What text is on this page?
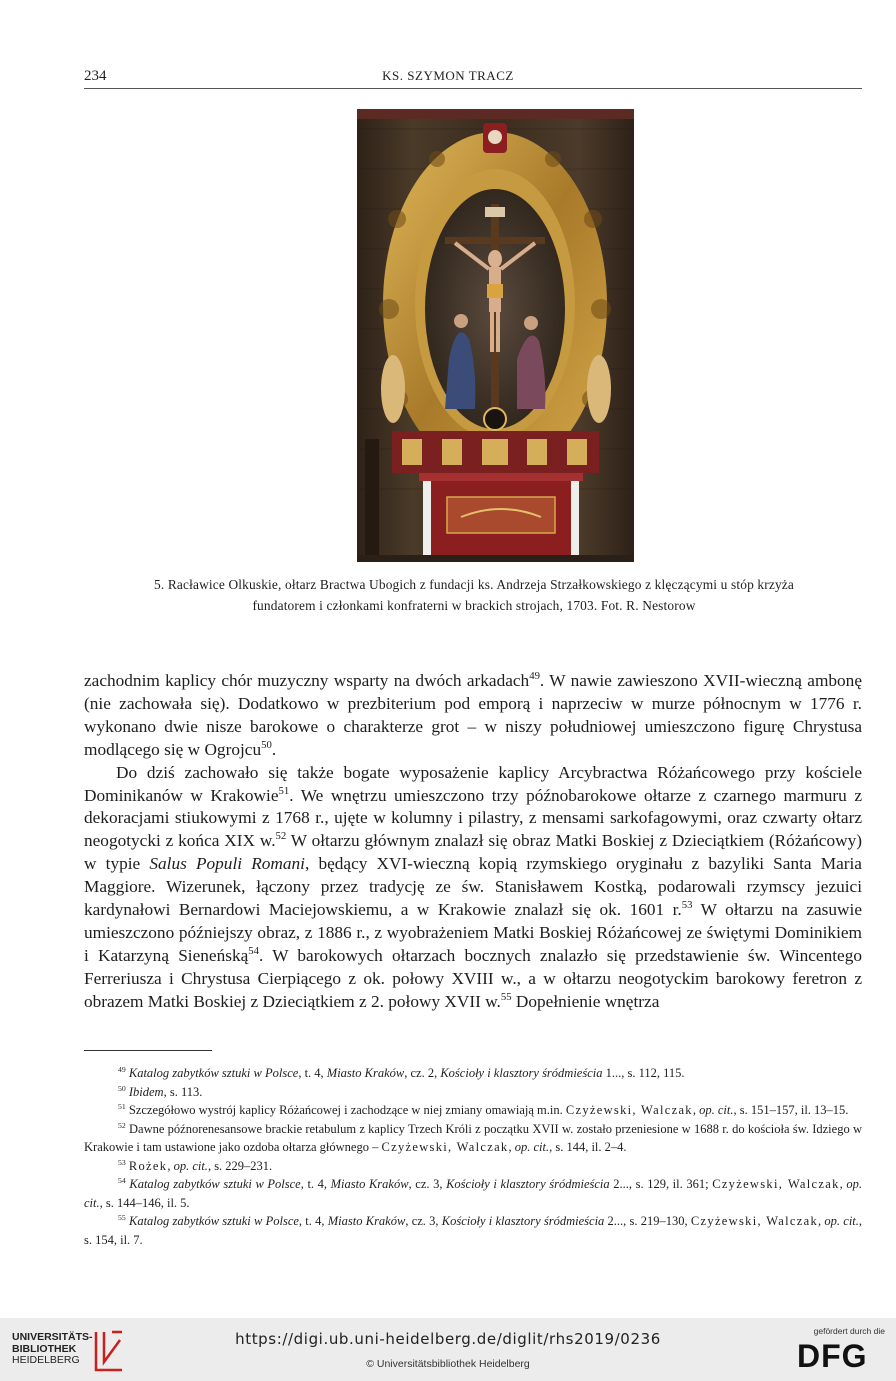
234	KS. SZYMON TRACZ
5. Racławice Olkuskie, ołtarz Bractwa Ubogich z fundacji ks. Andrzeja Strzałkowskiego z klęczącymi u stóp krzyża
fundatorem i członkami konfraterni w brackich strojach, 1703. Fot. R. Nestorow

zachodnim kaplicy chór muzyczny wsparty na dwóch arkadach$^{49}$. W nawie zawieszono XVII-wieczną ambonę (nie zachowała się). Dodatkowo w prezbiterium pod emporą i naprzeciw w murze północnym w 1776 r. wykonano dwie nisze barokowe o charakterze grot – w niszy południowej umieszczono figurę Chrystusa modlącego się w Ogrojcu$^{50}$.

Do dziś zachowało się także bogate wyposażenie kaplicy Arcybractwa Różańcowego przy kościele Dominikanów w Krakowie$^{51}$. We wnętrzu umieszczono trzy późnobarokowe ołtarze z czarnego marmuru z dekoracjami stiukowymi z 1768 r., ujęte w kolumny i pilastry, z mensami sarkofagowymi, oraz czwarty ołtarz neogotycki z końca XIX w.$^{52}$ W ołtarzu głównym znalazł się obraz Matki Boskiej z Dzieciątkiem (Różańcowy) w typie Salus Populi Romani, będący XVI-wieczną kopią rzymskiego oryginału z bazyliki Santa Maria Maggiore. Wizerunek, łączony przez tradycję ze św. Stanisławem Kostką, podarowali rzymscy jezuici kardynałowi Bernardowi Maciejowskiemu, a w Krakowie znalazł się ok. 1601 r.$^{53}$ W ołtarzu na zasuwie umieszczono późniejszy obraz, z 1886 r., z wyobrażeniem Matki Boskiej Różańcowej ze świętymi Dominikiem i Katarzyną Sieneńską$^{54}$. W barokowych ołtarzach bocznych znalazło się przedstawienie św. Wincentego Ferreriusza i Chrystusa Cierpiącego z ok. połowy XVIII w., a w ołtarzu neogotyckim barokowy feretron z obrazem Matki Boskiej z Dzieciątkiem z 2. połowy XVII w.$^{55}$ Dopełnienie wnętrza

$^{49}$ Katalog zabytków sztuki w Polsce, t. 4, Miasto Kraków, cz. 2, Kościoły i klasztory śródmieścia 1..., s. 112, 115.

$^{50}$ Ibidem, s. 113.

$^{51}$ Szczegółowo wystrój kaplicy Różańcowej i zachodzące w niej zmiany omawiają m.in. Czyżewski, Walczak, op. cit., s. 151–157, il. 13–15.

$^{52}$ Dawne późnorenesansowe brackie retabulum z kaplicy Trzech Króli z początku XVII w. zostało przeniesione w 1688 r. do kościoła św. Idziego w Krakowie i tam ustawione jako ozdoba ołtarza głównego – Czyżewski, Walczak, op. cit., s. 144, il. 2–4.

$^{53}$ Rożek, op. cit., s. 229–231.

$^{54}$ Katalog zabytków sztuki w Polsce, t. 4, Miasto Kraków, cz. 3, Kościoły i klasztory śródmieścia 2..., s. 129, il. 361; Czyżewski, Walczak, op. cit., s. 144–146, il. 5.

$^{55}$ Katalog zabytków sztuki w Polsce, t. 4, Miasto Kraków, cz. 3, Kościoły i klasztory śródmieścia 2..., s. 219–130, Czyżewski, Walczak, op. cit., s. 154, il. 7.

UNIVERSITÄTS-
BIBLIOTHEK
HEIDELBERG
https://digi.ub.uni-heidelberg.de/diglit/rhs2019/0236
© Universitätsbibliothek Heidelberg
gefördert durch die
DFG
